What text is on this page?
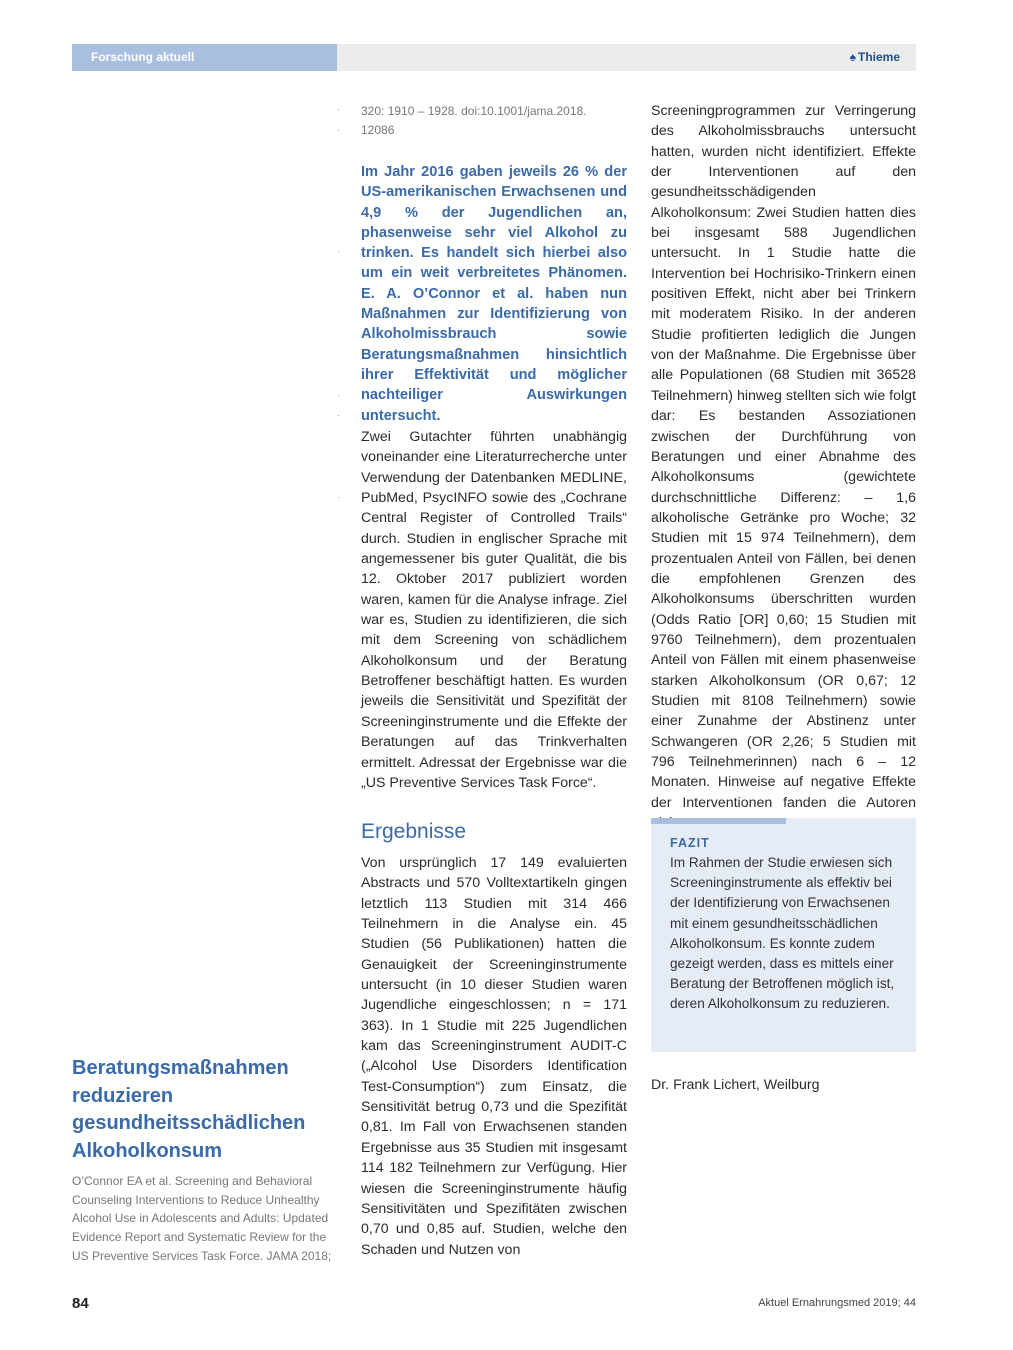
Forschung aktuell	♠ Thieme
·
·
·
·
·
·
320: 1910 – 1928. doi:10.1001/jama.2018.
12086

Im Jahr 2016 gaben jeweils 26 % der US-amerikanischen Erwachsenen und 4,9 % der Jugendlichen an, phasenweise sehr viel Alkohol zu trinken. Es handelt sich hierbei also um ein weit verbreitetes Phänomen. E. A. O’Connor et al. haben nun Maßnahmen zur Identifizierung von Alkoholmissbrauch sowie Beratungsmaßnahmen hinsichtlich ihrer Effektivität und möglicher nachteiliger Auswirkungen untersucht.

Zwei Gutachter führten unabhängig voneinander eine Literaturrecherche unter Verwendung der Datenbanken MEDLINE, PubMed, PsycINFO sowie des „Cochrane Central Register of Controlled Trails“ durch. Studien in englischer Sprache mit angemessener bis guter Qualität, die bis 12. Oktober 2017 publiziert worden waren, kamen für die Analyse infrage. Ziel war es, Studien zu identifizieren, die sich mit dem Screening von schädlichem Alkoholkonsum und der Beratung Betroffener beschäftigt hatten. Es wurden jeweils die Sensitivität und Spezifität der Screeninginstrumente und die Effekte der Beratungen auf das Trinkverhalten ermittelt. Adressat der Ergebnisse war die „US Preventive Services Task Force“.

Ergebnisse

Von ursprünglich 17 149 evaluierten Abstracts und 570 Volltextartikeln gingen letztlich 113 Studien mit 314 466 Teilnehmern in die Analyse ein. 45 Studien (56 Publikationen) hatten die Genauigkeit der Screeninginstrumente untersucht (in 10 dieser Studien waren Jugendliche eingeschlossen; n = 171 363). In 1 Studie mit 225 Jugendlichen kam das Screeninginstrument AUDIT-C („Alcohol Use Disorders Identification Test-Consumption“) zum Einsatz, die Sensitivität betrug 0,73 und die Spezifität 0,81. Im Fall von Erwachsenen standen Ergebnisse aus 35 Studien mit insgesamt 114 182 Teilnehmern zur Verfügung. Hier wiesen die Screeninginstrumente häufig Sensitivitäten und Spezifitäten zwischen 0,70 und 0,85 auf. Studien, welche den Schaden und Nutzen von

Screeningprogrammen zur Verringerung des Alkoholmissbrauchs untersucht hatten, wurden nicht identifiziert. Effekte der Interventionen auf den gesundheitsschädigenden Alkoholkonsum: Zwei Studien hatten dies bei insgesamt 588 Jugendlichen untersucht. In 1 Studie hatte die Intervention bei Hochrisiko-Trinkern einen positiven Effekt, nicht aber bei Trinkern mit moderatem Risiko. In der anderen Studie profitierten lediglich die Jungen von der Maßnahme. Die Ergebnisse über alle Populationen (68 Studien mit 36528 Teilnehmern) hinweg stellten sich wie folgt dar: Es bestanden Assoziationen zwischen der Durchführung von Beratungen und einer Abnahme des Alkoholkonsums (gewichtete durchschnittliche Differenz: – 1,6 alkoholische Getränke pro Woche; 32 Studien mit 15 974 Teilnehmern), dem prozentualen Anteil von Fällen, bei denen die empfohlenen Grenzen des Alkoholkonsums überschritten wurden (Odds Ratio [OR] 0,60; 15 Studien mit 9760 Teilnehmern), dem prozentualen Anteil von Fällen mit einem phasenweise starken Alkoholkonsum (OR 0,67; 12 Studien mit 8108 Teilnehmern) sowie einer Zunahme der Abstinenz unter Schwangeren (OR 2,26; 5 Studien mit 796 Teilnehmerinnen) nach 6 – 12 Monaten. Hinweise auf negative Effekte der Interventionen fanden die Autoren

FAZIT
Im Rahmen der Studie erwiesen sich Screeninginstrumente als effektiv bei der Identifizierung von Erwachsenen mit einem gesundheitsschädlichen Alkoholkonsum. Es konnte zudem gezeigt werden, dass es mittels einer Beratung der Betroffenen möglich ist, deren Alkoholkonsum zu reduzieren.
Dr. Frank Lichert, Weilburg
Beratungsmaßnahmen reduzieren gesundheitsschädlichen Alkoholkonsum
O’Connor EA et al. Screening and Behavioral Counseling Interventions to Reduce Unhealthy Alcohol Use in Adolescents and Adults: Updated Evidence Report and Systematic Review for the US Preventive Services Task Force. JAMA 2018;
84	Aktuel Ernahrungsmed 2019; 44
